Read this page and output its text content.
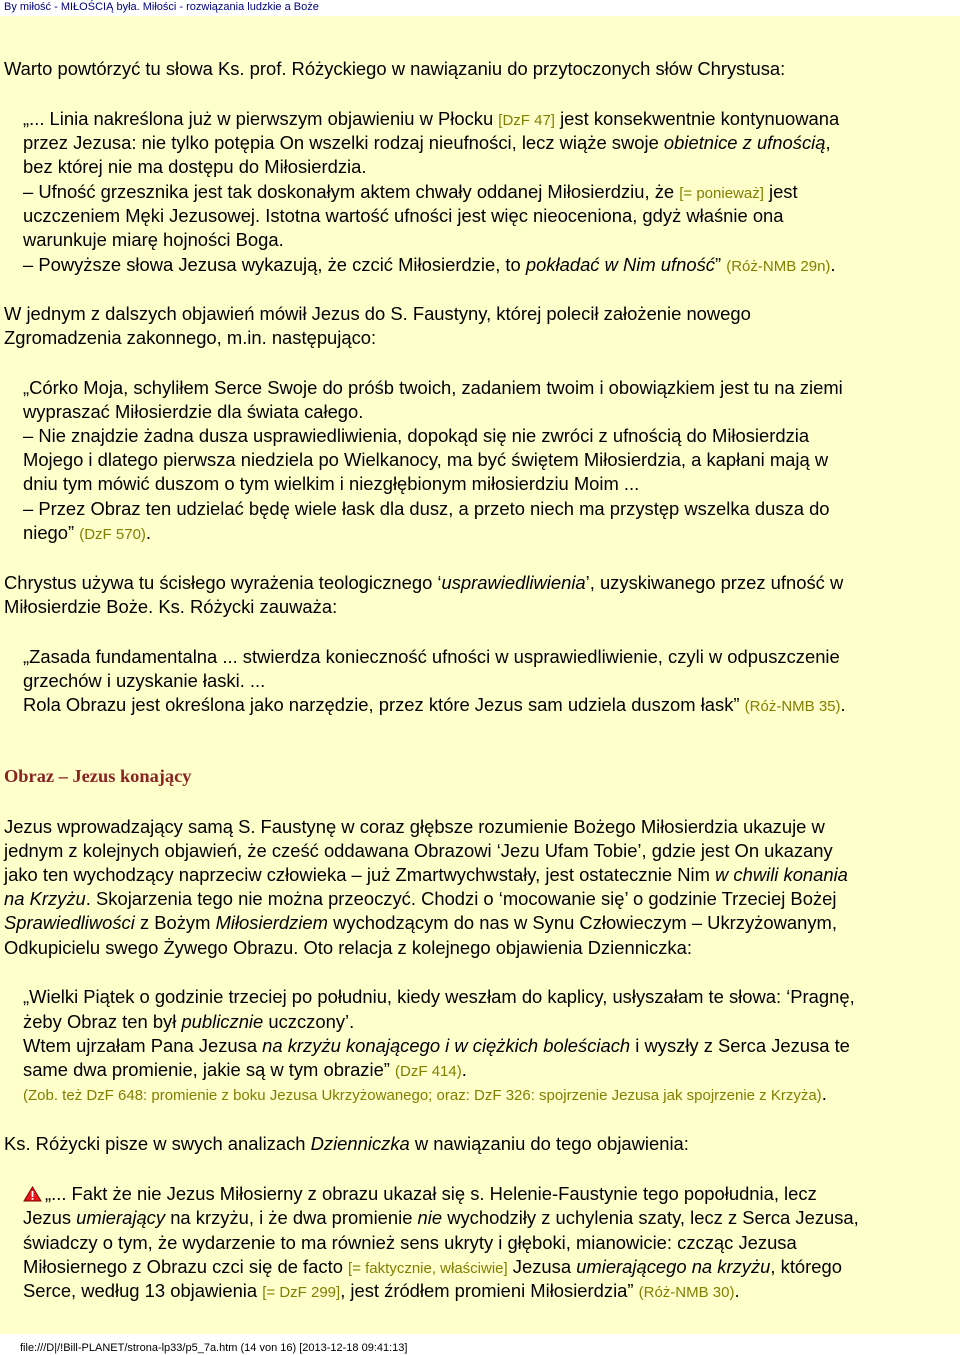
By miłość - MIŁOŚCIĄ była. Miłości - rozwiązania ludzkie a Boże

Warto powtórzyć tu słowa Ks. prof. Różyckiego w nawiązaniu do przytoczonych słów Chrystusa:

„... Linia nakreślona już w pierwszym objawieniu w Płocku [DzF 47] jest konsekwentnie kontynuowana

przez Jezusa: nie tylko potępia On wszelki rodzaj nieufności, lecz wiąże swoje obietnice z ufnością,

bez której nie ma dostępu do Miłosierdzia.

– Ufność grzesznika jest tak doskonałym aktem chwały oddanej Miłosierdziu, że [= ponieważ] jest

uczczeniem Męki Jezusowej. Istotna wartość ufności jest więc nieoceniona, gdyż właśnie ona

warunkuje miarę hojności Boga.

– Powyższe słowa Jezusa wykazują, że czcić Miłosierdzie, to pokładać w Nim ufność” (Róż-NMB 29n).

W jednym z dalszych objawień mówił Jezus do S. Faustyny, której polecił założenie nowego

Zgromadzenia zakonnego, m.in. następująco:

„Córko Moja, schyliłem Serce Swoje do próśb twoich, zadaniem twoim i obowiązkiem jest tu na ziemi

wypraszać Miłosierdzie dla świata całego.

– Nie znajdzie żadna dusza usprawiedliwienia, dopokąd się nie zwróci z ufnością do Miłosierdzia

Mojego i dlatego pierwsza niedziela po Wielkanocy, ma być świętem Miłosierdzia, a kapłani mają w

dniu tym mówić duszom o tym wielkim i niezgłębionym miłosierdziu Moim ...

– Przez Obraz ten udzielać będę wiele łask dla dusz, a przeto niech ma przystęp wszelka dusza do

niego” (DzF 570).

Chrystus używa tu ścisłego wyrażenia teologicznego ‘usprawiedliwienia’, uzyskiwanego przez ufność w

Miłosierdzie Boże. Ks. Różycki zauważa:

„Zasada fundamentalna ... stwierdza konieczność ufności w usprawiedliwienie, czyli w odpuszczenie

grzechów i uzyskanie łaski. ...

Rola Obrazu jest określona jako narzędzie, przez które Jezus sam udziela duszom łask” (Róż-NMB 35).

Obraz – Jezus konający

Jezus wprowadzający samą S. Faustynę w coraz głębsze rozumienie Bożego Miłosierdzia ukazuje w

jednym z kolejnych objawień, że cześć oddawana Obrazowi ‘Jezu Ufam Tobie’, gdzie jest On ukazany

jako ten wychodzący naprzeciw człowieka – już Zmartwychwstały, jest ostatecznie Nim w chwili konania

na Krzyżu. Skojarzenia tego nie można przeoczyć. Chodzi o ‘mocowanie się’ o godzinie Trzeciej Bożej

Sprawiedliwości z Bożym Miłosierdziem wychodzącym do nas w Synu Człowieczym – Ukrzyżowanym,

Odkupicielu swego Żywego Obrazu. Oto relacja z kolejnego objawienia Dzienniczka:

„Wielki Piątek o godzinie trzeciej po południu, kiedy weszłam do kaplicy, usłyszałam te słowa: ‘Pragnę,

żeby Obraz ten był publicznie uczczony’.

Wtem ujrzałam Pana Jezusa na krzyżu konającego i w ciężkich boleściach i wyszły z Serca Jezusa te

same dwa promienie, jakie są w tym obrazie” (DzF 414).

(Zob. też DzF 648: promienie z boku Jezusa Ukrzyżowanego; oraz: DzF 326: spojrzenie Jezusa jak spojrzenie z Krzyża).

Ks. Różycki pisze w swych analizach Dzienniczka w nawiązaniu do tego objawienia:

„... Fakt że nie Jezus Miłosierny z obrazu ukazał się s. Helenie-Faustynie tego popołudnia, lecz

Jezus umierający na krzyżu, i że dwa promienie nie wychodziły z uchylenia szaty, lecz z Serca Jezusa,

świadczy o tym, że wydarzenie to ma również sens ukryty i głęboki, mianowicie: czcząc Jezusa

Miłosiernego z Obrazu czci się de facto [= faktycznie, właściwie] Jezusa umierającego na krzyżu, którego

Serce, według 13 objawienia [= DzF 299], jest źródłem promieni Miłosierdzia” (Róż-NMB 30).

file:///D|/!Bill-PLANET/strona-lp33/p5_7a.htm (14 von 16) [2013-12-18 09:41:13]
